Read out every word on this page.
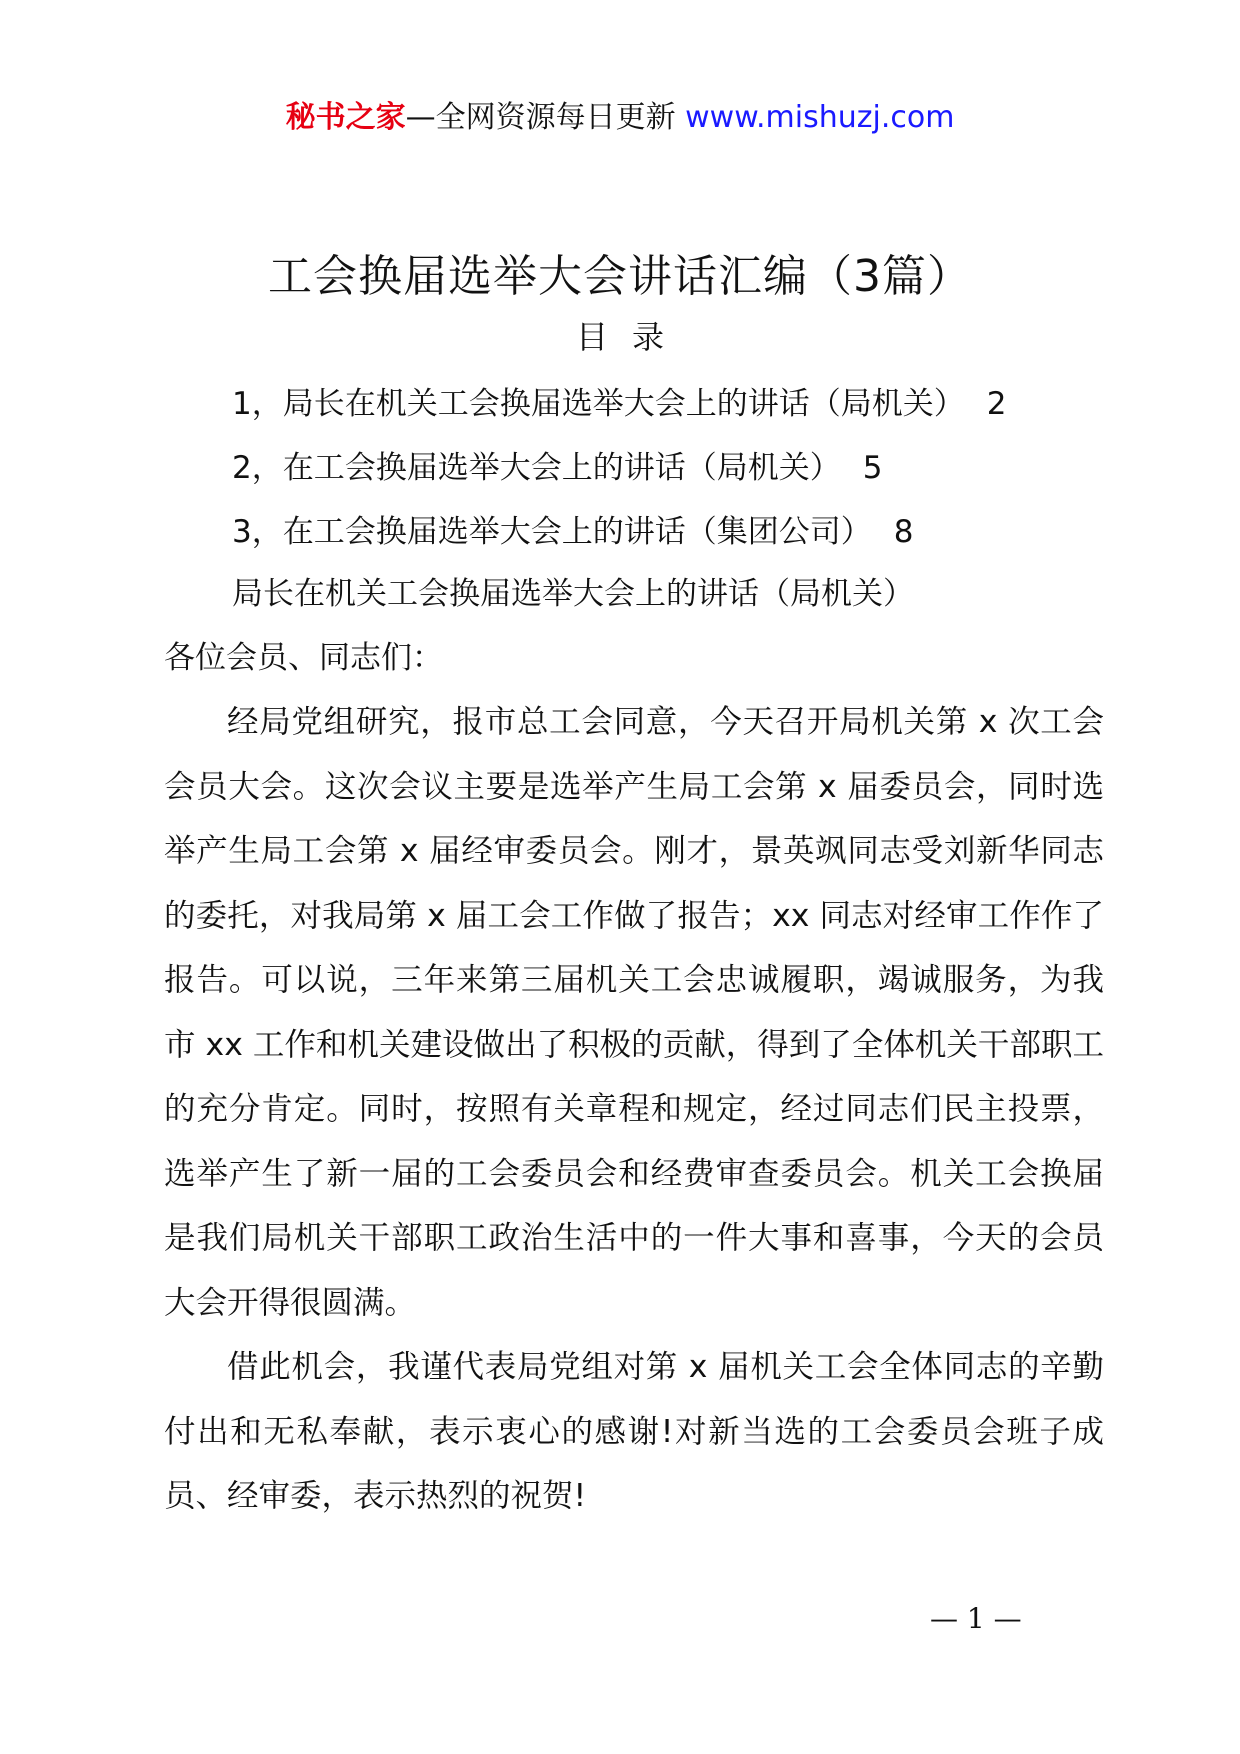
秘书之家—全网资源每日更新 www.mishuzj.com
工会换届选举大会讲话汇编（3篇）
目 录
1，局长在机关工会换届选举大会上的讲话（局机关） 2
2，在工会换届选举大会上的讲话（局机关） 5
3，在工会换届选举大会上的讲话（集团公司） 8
局长在机关工会换届选举大会上的讲话（局机关）
各位会员、同志们：

经局党组研究，报市总工会同意，今天召开局机关第 x 次工会会员大会。这次会议主要是选举产生局工会第 x 届委员会，同时选举产生局工会第 x 届经审委员会。刚才，景英飒同志受刘新华同志的委托，对我局第 x 届工会工作做了报告；xx 同志对经审工作作了报告。可以说，三年来第三届机关工会忠诚履职，竭诚服务，为我市 xx 工作和机关建设做出了积极的贡献，得到了全体机关干部职工的充分肯定。同时，按照有关章程和规定，经过同志们民主投票，选举产生了新一届的工会委员会和经费审查委员会。机关工会换届是我们局机关干部职工政治生活中的一件大事和喜事，今天的会员大会开得很圆满。

借此机会，我谨代表局党组对第 x 届机关工会全体同志的辛勤付出和无私奉献，表示衷心的感谢!对新当选的工会委员会班子成员、经审委，表示热烈的祝贺!

— 1 —
